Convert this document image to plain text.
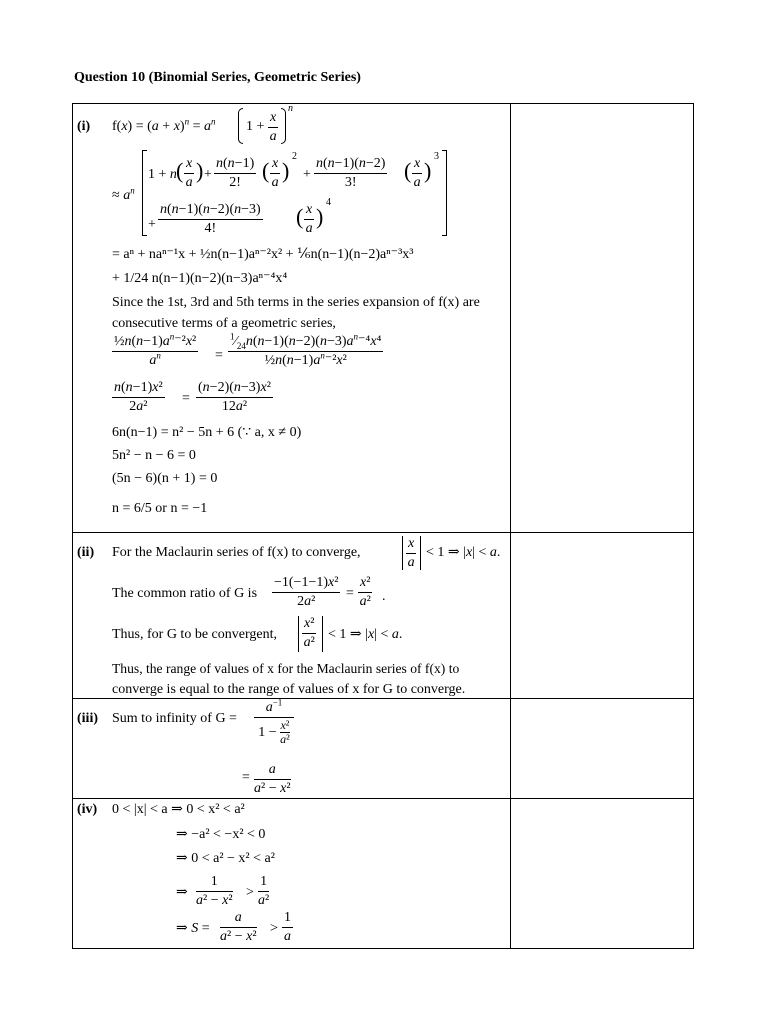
Question 10 (Binomial Series, Geometric Series)
(i) $f(x) = (a + x)^n = a^n$ 1 +
x
a
n
≈ $a^n$
1 + n ( x
a ) +
n(n−1)
2! ( x
a )
2
+
n(n−1)(n−2)
3! ( x
a )
3
+
n(n−1)(n−2)(n−3)
4!	( x
a )
4
= aⁿ + naⁿ⁻¹x + ½n(n−1)aⁿ⁻²x² + ⅙n(n−1)(n−2)aⁿ⁻³x³
+ 1/24 n(n−1)(n−2)(n−3)aⁿ⁻⁴x⁴
Since the 1st, 3rd and 5th terms in the series expansion of f(x) are
consecutive terms of a geometric series,
$\frac{1}{2}n(n-1)a^n^{-2}x^2$
$a^n$	=
$^1⁄_{24}n(n-1)(n-2)(n-3)a^n^{-4}x^4$
$\frac{1}{2}n(n-1)a^n^{-2}x^2$
n(n−1)x²
2a²
=
(n−2)(n−3)x²
12a²
6n(n−1) = n² − 5n + 6 (∵ a, x ≠ 0)
5n² − n − 6 = 0
(5n − 6)(n + 1) = 0
n = 6/5 or n = −1
(ii) For the Maclaurin series of f(x) to converge,
x
a
< 1 ⇒ |x| < a.
The common ratio of G is
−1(−1−1)x²
2a²
=
x²
a² .
Thus, for G to be convergent,
x²
a²
< 1 ⇒ |x| < a.
Thus, the range of values of x for the Maclaurin series of f(x) to
converge is equal to the range of values of x for G to converge.
(iii) Sum to infinity of G =
$a^{-1}$
1 − x²
a²
=
a
a² − x²
(iv) 0 < |x| < a ⇒ 0 < x² < a²
⇒ −a² < −x² < 0
⇒ 0 < a² − x² < a²
⇒
1
a² − x²
>
1
a²
⇒ S =
a
a² − x²
>
1
a
